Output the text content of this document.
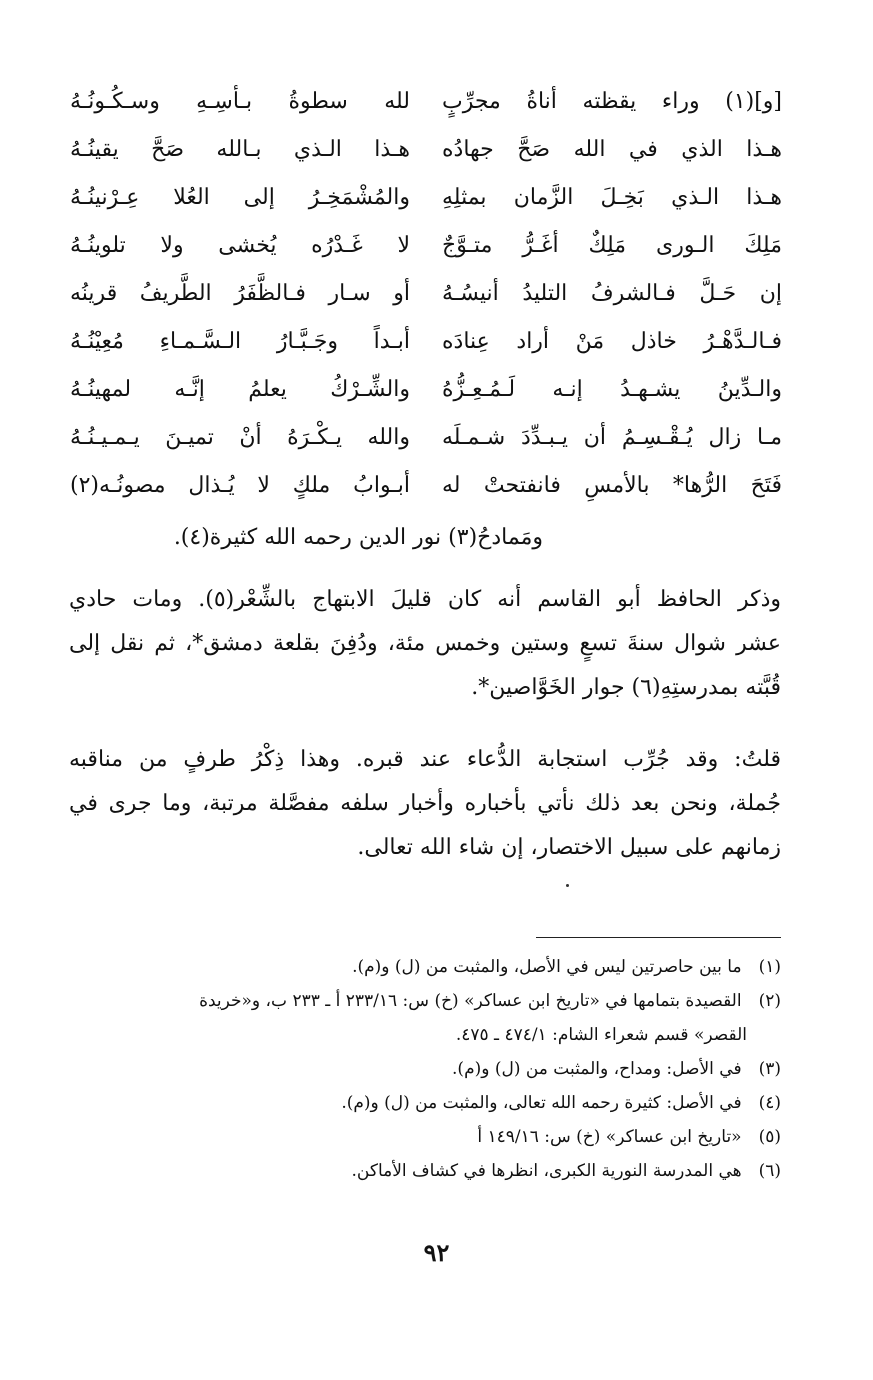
[و](١) وراء يقظته أناةُ مجرِّبٍ
لله سطوةُ بـأسِـهِ وسـكُـونُـهُ
هـذا الذي في الله صَحَّ جهادُه
هـذا الـذي بـالله صَحَّ يقينُـهُ
هـذا الـذي بَخِـلَ الزَّمان بمثلِهِ
والمُشْمَخِـرُ إلى العُلا عِـرْنينُـهُ
مَلِكَ الـورى مَلِكٌ أغَـرُّ متـوَّجٌ
لا غَـدْرُه يُخشى ولا تلوينُـهُ
إن حَـلَّ فـالشرفُ التليدُ أنيسُـهُ
أو سـار فـالظَّفَرُ الطَّريفُ قرينُه
فـالـدَّهْـرُ خاذل مَنْ أراد عِنادَه
أبـداً وجَـبَّـارُ الـسَّـمـاءِ مُعِيْنُـهُ
والـدِّينُ يشـهـدُ إنـه لَـمُـعِـزُّهُ
والشِّـرْكُ يعلمُ إنَّـه لمهينُـهُ
مـا زال يُـقْـسِـمُ أن يـبـدِّدَ شـمـلَه
والله يـكْـرَهُ أنْ تميـنَ يـمـيـنُـهُ
فَتَحَ الرُّها* بالأمسِ فانفتحتْ له
أبـوابُ ملكٍ لا يُـذال مصونُـه(٢)
ومَمادحُ(٣) نور الدين رحمه الله كثيرة(٤).
وذكر الحافظ أبو القاسم أنه كان قليلَ الابتهاج بالشِّعْر(٥). ومات حادي
عشر شوال سنةَ تسعٍ وستين وخمس مئة، ودُفِنَ بقلعة دمشق*، ثم نقل إلى
قُبَّته بمدرستِهِ(٦) جوار الخَوَّاصين*.
قلتُ: وقد جُرِّب استجابة الدُّعاء عند قبره. وهذا ذِكْرُ طرفٍ من مناقبه
جُملة، ونحن بعد ذلك نأتي بأخباره وأخبار سلفه مفصَّلة مرتبة، وما جرى في
زمانهم على سبيل الاختصار، إن شاء الله تعالى.
(١) ما بين حاصرتين ليس في الأصل، والمثبت من (ل) و(م).
(٢) القصيدة بتمامها في «تاريخ ابن عساكر» (خ) س: ٢٣٣/١٦ أ ـ ٢٣٣ ب، و«خريدة
القصر» قسم شعراء الشام: ٤٧٤/١ ـ ٤٧٥.
(٣) في الأصل: ومداح، والمثبت من (ل) و(م).
(٤) في الأصل: كثيرة رحمه الله تعالى، والمثبت من (ل) و(م).
(٥) «تاريخ ابن عساكر» (خ) س: ١٤٩/١٦ أ
(٦) هي المدرسة النورية الكبرى، انظرها في كشاف الأماكن.
٩٢
